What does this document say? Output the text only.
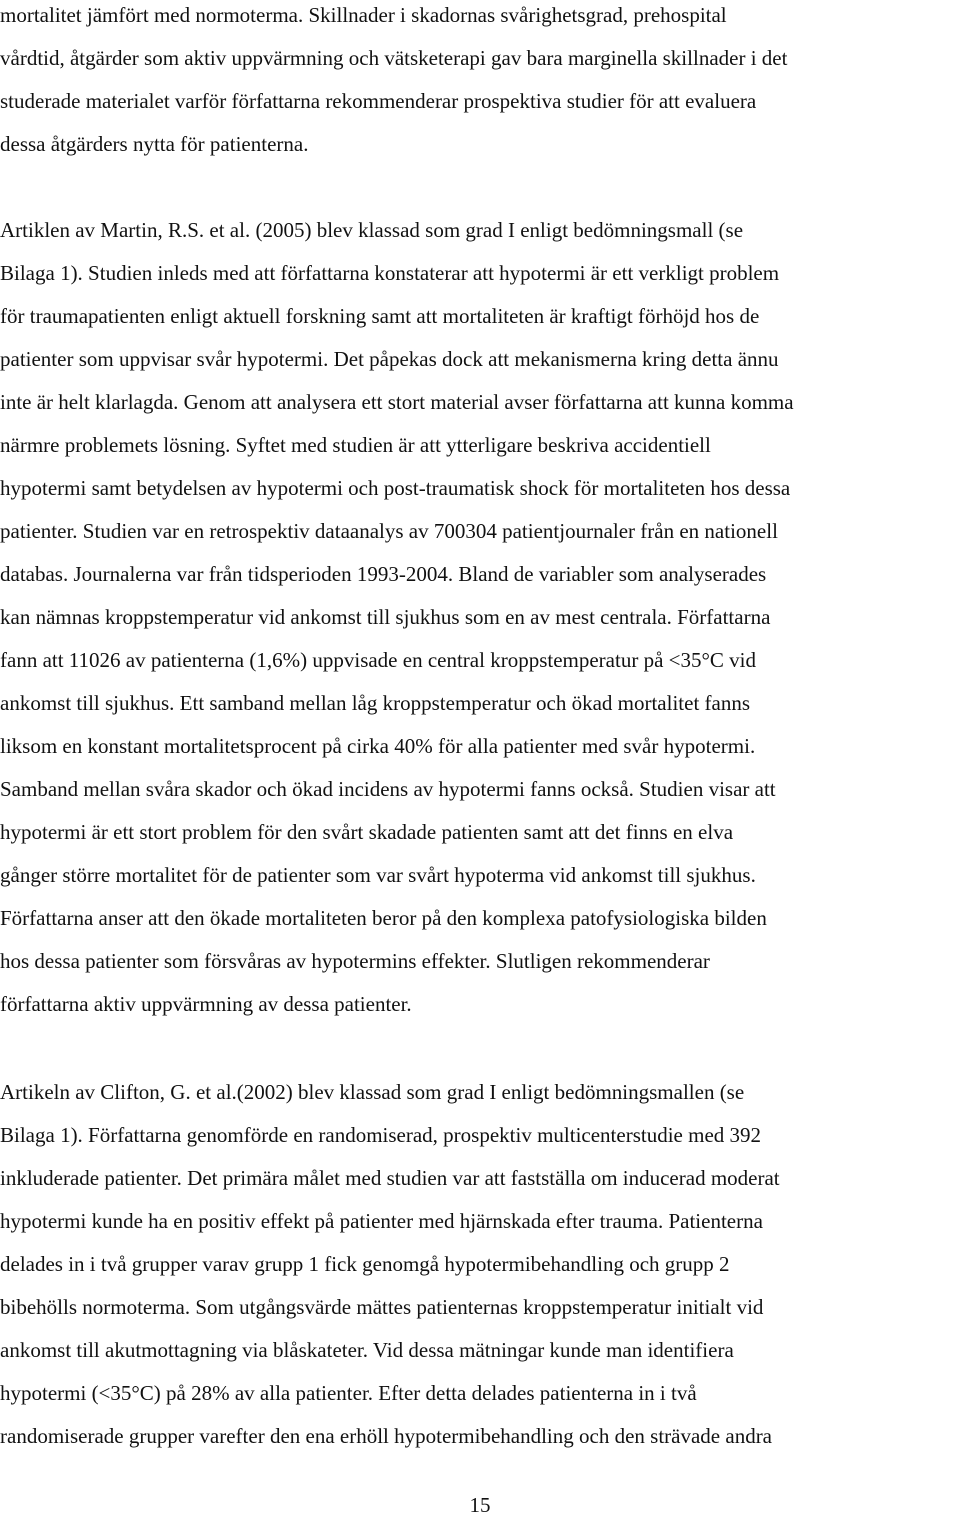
mortalitet jämfört med normoterma. Skillnader i skadornas svårighetsgrad, prehospital

vårdtid, åtgärder som aktiv uppvärmning och vätsketerapi gav bara marginella skillnader i det

studerade materialet varför författarna rekommenderar prospektiva studier för att evaluera

dessa åtgärders nytta för patienterna.

Artiklen av Martin, R.S. et al. (2005) blev klassad som grad I enligt bedömningsmall (se

Bilaga 1). Studien inleds med att författarna konstaterar att hypotermi är ett verkligt problem

för traumapatienten enligt aktuell forskning samt att mortaliteten är kraftigt förhöjd hos de

patienter som uppvisar svår hypotermi. Det påpekas dock att mekanismerna kring detta ännu

inte är helt klarlagda. Genom att analysera ett stort material avser författarna att kunna komma

närmre problemets lösning. Syftet med studien är att ytterligare beskriva accidentiell

hypotermi samt betydelsen av hypotermi och post-traumatisk shock för mortaliteten hos dessa

patienter. Studien var en retrospektiv dataanalys av 700304 patientjournaler från en nationell

databas. Journalerna var från tidsperioden 1993-2004. Bland de variabler som analyserades

kan nämnas kroppstemperatur vid ankomst till sjukhus som en av mest centrala. Författarna

fann att 11026 av patienterna (1,6%) uppvisade en central kroppstemperatur på <35°C vid

ankomst till sjukhus. Ett samband mellan låg kroppstemperatur och ökad mortalitet fanns

liksom en konstant mortalitetsprocent på cirka 40% för alla patienter med svår hypotermi.

Samband mellan svåra skador och ökad incidens av hypotermi fanns också. Studien visar att

hypotermi är ett stort problem för den svårt skadade patienten samt att det finns en elva

gånger större mortalitet för de patienter som var svårt hypoterma vid ankomst till sjukhus.

Författarna anser att den ökade mortaliteten beror på den komplexa patofysiologiska bilden

hos dessa patienter som försvåras av hypotermins effekter. Slutligen rekommenderar

författarna aktiv uppvärmning av dessa patienter.

Artikeln av Clifton, G. et al.(2002) blev klassad som grad I enligt bedömningsmallen (se

Bilaga 1). Författarna genomförde en randomiserad, prospektiv multicenterstudie med 392

inkluderade patienter. Det primära målet med studien var att fastställa om inducerad moderat

hypotermi kunde ha en positiv effekt på patienter med hjärnskada efter trauma. Patienterna

delades in i två grupper varav grupp 1 fick genomgå hypotermibehandling och grupp 2

bibehölls normoterma. Som utgångsvärde mättes patienternas kroppstemperatur initialt vid

ankomst till akutmottagning via blåskateter. Vid dessa mätningar kunde man identifiera

hypotermi (<35°C) på 28% av alla patienter. Efter detta delades patienterna in i två

randomiserade grupper varefter den ena erhöll hypotermibehandling och den strävade andra

15
